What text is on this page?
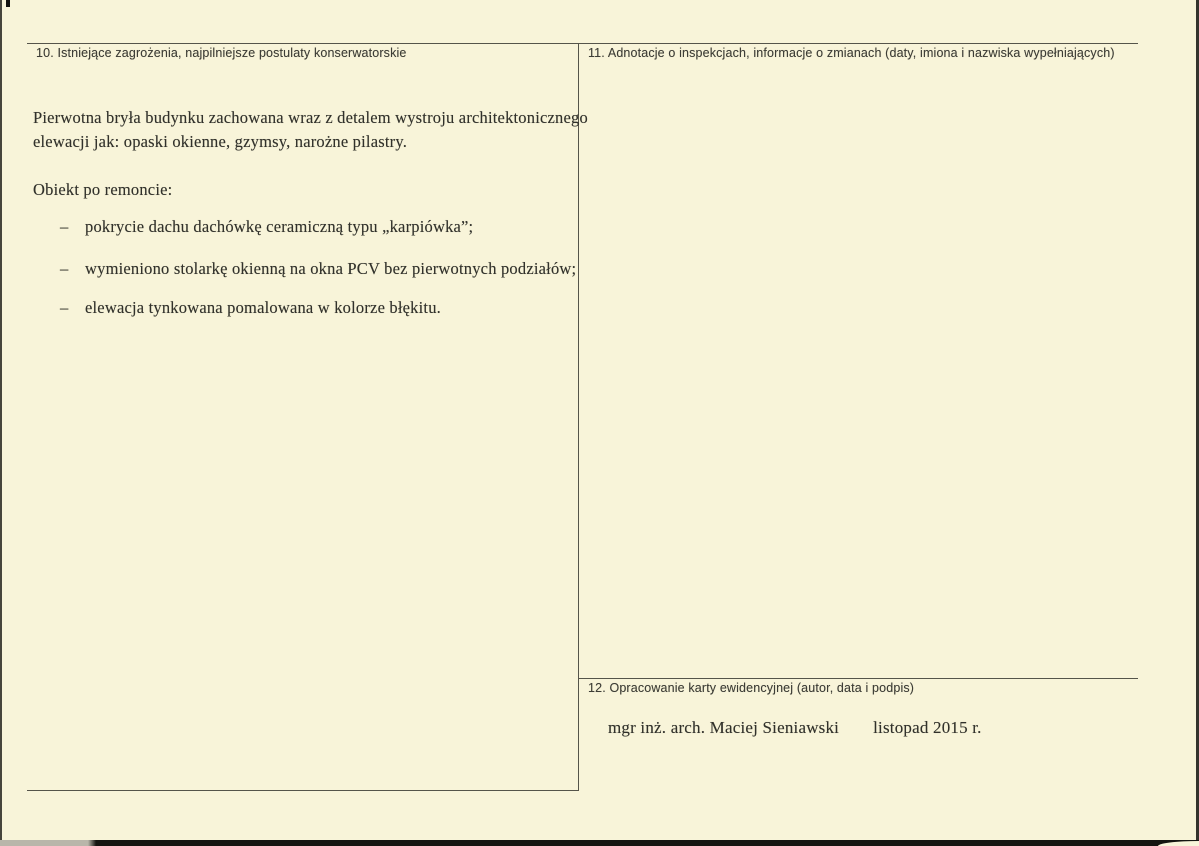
10. Istniejące zagrożenia, najpilniejsze postulaty konserwatorskie
Pierwotna bryła budynku zachowana wraz z detalem wystroju architektonicznego
elewacji jak: opaski okienne, gzymsy, narożne pilastry.
Obiekt po remoncie:
– pokrycie dachu dachówkę ceramiczną typu „karpiówka”;
– wymieniono stolarkę okienną na okna PCV bez pierwotnych podziałów;
– elewacja tynkowana pomalowana w kolorze błękitu.
11. Adnotacje o inspekcjach, informacje o zmianach (daty, imiona i nazwiska wypełniających)
12. Opracowanie karty ewidencyjnej (autor, data i podpis)
mgr inż. arch. Maciej Sieniawski listopad 2015 r.
